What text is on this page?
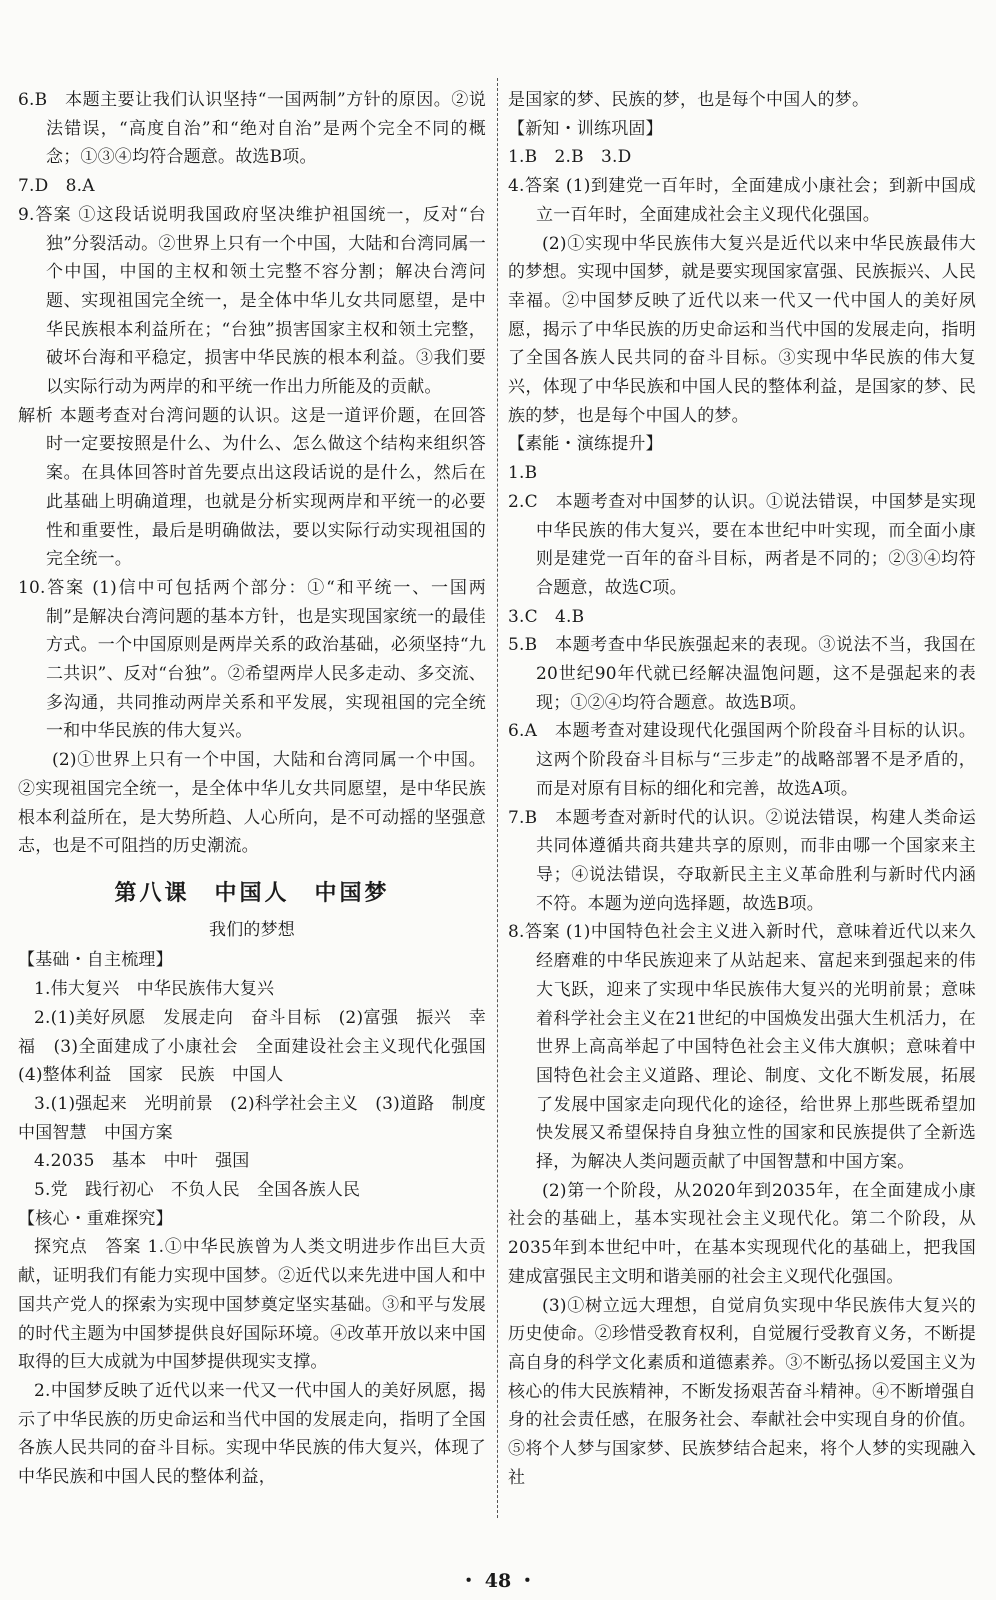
6.B　本题主要让我们认识坚持“一国两制”方针的原因。②说法错误，“高度自治”和“绝对自治”是两个完全不同的概念；①③④均符合题意。故选B项。

7.D　8.A

9.答案 ①这段话说明我国政府坚决维护祖国统一，反对“台独”分裂活动。②世界上只有一个中国，大陆和台湾同属一个中国，中国的主权和领土完整不容分割；解决台湾问题、实现祖国完全统一，是全体中华儿女共同愿望，是中华民族根本利益所在；“台独”损害国家主权和领土完整，破坏台海和平稳定，损害中华民族的根本利益。③我们要以实际行动为两岸的和平统一作出力所能及的贡献。

解析 本题考查对台湾问题的认识。这是一道评价题，在回答时一定要按照是什么、为什么、怎么做这个结构来组织答案。在具体回答时首先要点出这段话说的是什么，然后在此基础上明确道理，也就是分析实现两岸和平统一的必要性和重要性，最后是明确做法，要以实际行动实现祖国的完全统一。

10.答案 (1)信中可包括两个部分：①“和平统一、一国两制”是解决台湾问题的基本方针，也是实现国家统一的最佳方式。一个中国原则是两岸关系的政治基础，必须坚持“九二共识”、反对“台独”。②希望两岸人民多走动、多交流、多沟通，共同推动两岸关系和平发展，实现祖国的完全统一和中华民族的伟大复兴。

(2)①世界上只有一个中国，大陆和台湾同属一个中国。②实现祖国完全统一，是全体中华儿女共同愿望，是中华民族根本利益所在，是大势所趋、人心所向，是不可动摇的坚强意志，也是不可阻挡的历史潮流。

第八课　中国人　中国梦
我们的梦想

【基础・自主梳理】

1.伟大复兴　中华民族伟大复兴

2.(1)美好夙愿　发展走向　奋斗目标　(2)富强　振兴　幸福　(3)全面建成了小康社会　全面建设社会主义现代化强国　(4)整体利益　国家　民族　中国人

3.(1)强起来　光明前景　(2)科学社会主义　(3)道路　制度　中国智慧　中国方案

4.2035　基本　中叶　强国

5.党　践行初心　不负人民　全国各族人民

【核心・重难探究】

探究点　答案 1.①中华民族曾为人类文明进步作出巨大贡献，证明我们有能力实现中国梦。②近代以来先进中国人和中国共产党人的探索为实现中国梦奠定坚实基础。③和平与发展的时代主题为中国梦提供良好国际环境。④改革开放以来中国取得的巨大成就为中国梦提供现实支撑。

2.中国梦反映了近代以来一代又一代中国人的美好夙愿，揭示了中华民族的历史命运和当代中国的发展走向，指明了全国各族人民共同的奋斗目标。实现中华民族的伟大复兴，体现了中华民族和中国人民的整体利益，

是国家的梦、民族的梦，也是每个中国人的梦。

【新知・训练巩固】

1.B　2.B　3.D

4.答案 (1)到建党一百年时，全面建成小康社会；到新中国成立一百年时，全面建成社会主义现代化强国。

(2)①实现中华民族伟大复兴是近代以来中华民族最伟大的梦想。实现中国梦，就是要实现国家富强、民族振兴、人民幸福。②中国梦反映了近代以来一代又一代中国人的美好夙愿，揭示了中华民族的历史命运和当代中国的发展走向，指明了全国各族人民共同的奋斗目标。③实现中华民族的伟大复兴，体现了中华民族和中国人民的整体利益，是国家的梦、民族的梦，也是每个中国人的梦。

【素能・演练提升】

1.B

2.C　本题考查对中国梦的认识。①说法错误，中国梦是实现中华民族的伟大复兴，要在本世纪中叶实现，而全面小康则是建党一百年的奋斗目标，两者是不同的；②③④均符合题意，故选C项。

3.C　4.B

5.B　本题考查中华民族强起来的表现。③说法不当，我国在20世纪90年代就已经解决温饱问题，这不是强起来的表现；①②④均符合题意。故选B项。

6.A　本题考查对建设现代化强国两个阶段奋斗目标的认识。这两个阶段奋斗目标与“三步走”的战略部署不是矛盾的，而是对原有目标的细化和完善，故选A项。

7.B　本题考查对新时代的认识。②说法错误，构建人类命运共同体遵循共商共建共享的原则，而非由哪一个国家来主导；④说法错误，夺取新民主主义革命胜利与新时代内涵不符。本题为逆向选择题，故选B项。

8.答案 (1)中国特色社会主义进入新时代，意味着近代以来久经磨难的中华民族迎来了从站起来、富起来到强起来的伟大飞跃，迎来了实现中华民族伟大复兴的光明前景；意味着科学社会主义在21世纪的中国焕发出强大生机活力，在世界上高高举起了中国特色社会主义伟大旗帜；意味着中国特色社会主义道路、理论、制度、文化不断发展，拓展了发展中国家走向现代化的途径，给世界上那些既希望加快发展又希望保持自身独立性的国家和民族提供了全新选择，为解决人类问题贡献了中国智慧和中国方案。

(2)第一个阶段，从2020年到2035年，在全面建成小康社会的基础上，基本实现社会主义现代化。第二个阶段，从2035年到本世纪中叶，在基本实现现代化的基础上，把我国建成富强民主文明和谐美丽的社会主义现代化强国。

(3)①树立远大理想，自觉肩负实现中华民族伟大复兴的历史使命。②珍惜受教育权利，自觉履行受教育义务，不断提高自身的科学文化素质和道德素养。③不断弘扬以爱国主义为核心的伟大民族精神，不断发扬艰苦奋斗精神。④不断增强自身的社会责任感，在服务社会、奉献社会中实现自身的价值。⑤将个人梦与国家梦、民族梦结合起来，将个人梦的实现融入社

・ 48 ・
